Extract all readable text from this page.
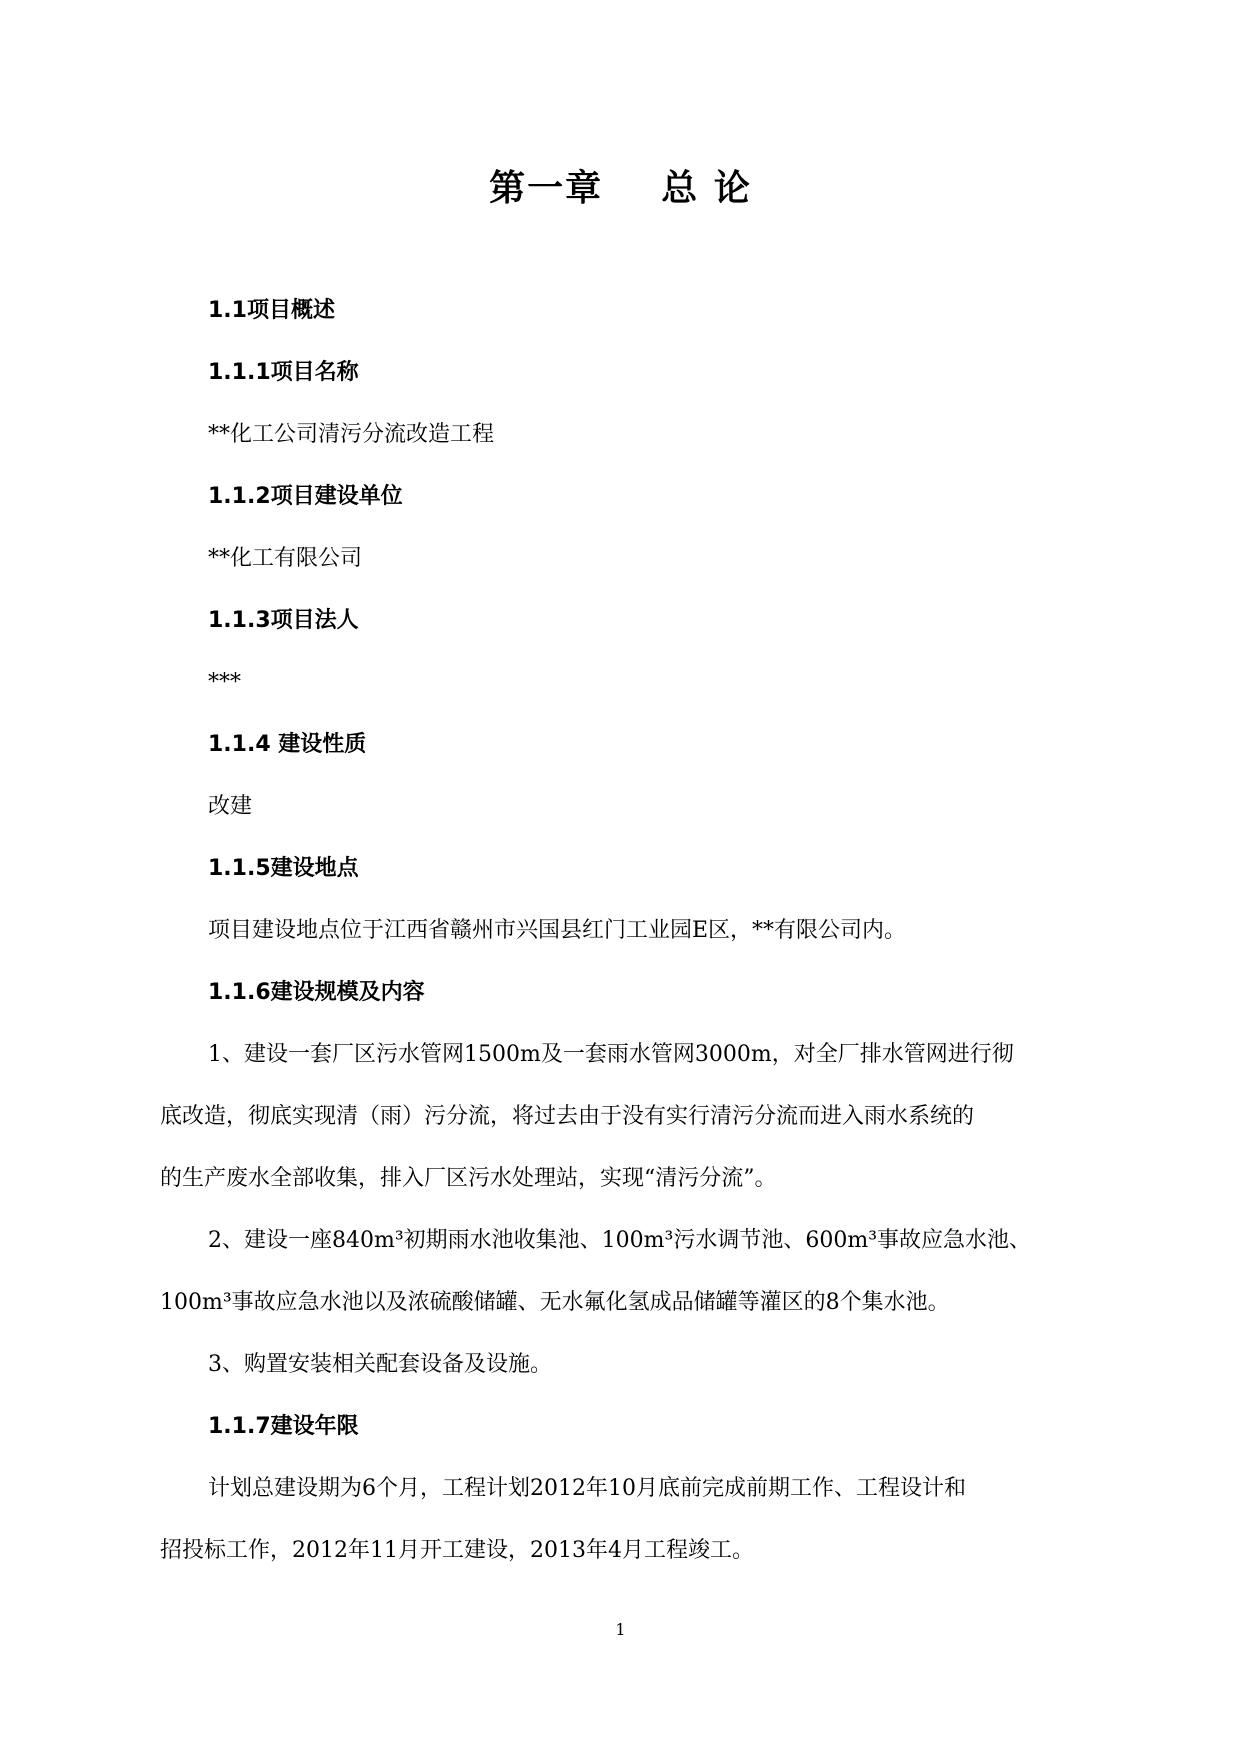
第一章    总 论
1.1项目概述
1.1.1项目名称
**化工公司清污分流改造工程
1.1.2项目建设单位
**化工有限公司
1.1.3项目法人
***
1.1.4 建设性质
改建
1.1.5建设地点
项目建设地点位于江西省赣州市兴国县红门工业园E区，**有限公司内。
1.1.6建设规模及内容
1、建设一套厂区污水管网1500m及一套雨水管网3000m，对全厂排水管网进行彻
底改造，彻底实现清（雨）污分流，将过去由于没有实行清污分流而进入雨水系统的
的生产废水全部收集，排入厂区污水处理站，实现“清污分流”。
2、建设一座840m³初期雨水池收集池、100m³污水调节池、600m³事故应急水池、
100m³事故应急水池以及浓硫酸储罐、无水氟化氢成品储罐等灌区的8个集水池。
3、购置安装相关配套设备及设施。
1.1.7建设年限
计划总建设期为6个月，工程计划2012年10月底前完成前期工作、工程设计和
招投标工作，2012年11月开工建设，2013年4月工程竣工。
1
